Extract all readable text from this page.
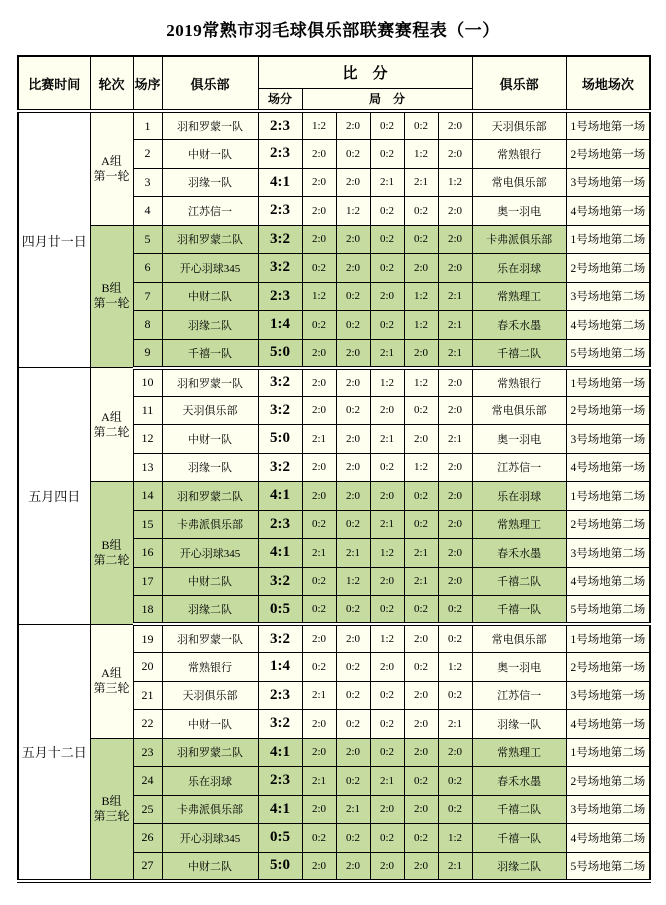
2019常熟市羽毛球俱乐部联赛赛程表（一）
比赛时间	轮次	场序	俱乐部	比　分						俱乐部	场地场次
				场分	局　分						
四月廿一日	A组
第一轮	1	羽和罗蒙一队	2:3	1:2	2:0	0:2	0:2	2:0	天羽俱乐部	1号场地第一场
		2	中财一队	2:3	2:0	0:2	0:2	1:2	2:0	常熟银行	2号场地第一场
		3	羽缘一队	4:1	2:0	2:0	2:1	2:1	1:2	常电俱乐部	3号场地第一场
		4	江苏信一	2:3	2:0	1:2	0:2	0:2	2:0	奥一羽电	4号场地第一场

	B组
第一轮	5	羽和罗蒙二队	3:2	2:0	2:0	0:2	0:2	2:0	卡弗派俱乐部	1号场地第二场
		6	开心羽球345	3:2	0:2	2:0	0:2	2:0	2:0	乐在羽球	2号场地第二场
		7	中财二队	2:3	1:2	0:2	2:0	1:2	2:1	常熟理工	3号场地第二场
		8	羽缘二队	1:4	0:2	0:2	0:2	1:2	2:1	春禾水墨	4号场地第二场
		9	千禧一队	5:0	2:0	2:0	2:1	2:0	2:1	千禧二队	5号场地第二场
五月四日	A组
第二轮	10	羽和罗蒙一队	3:2	2:0	2:0	1:2	1:2	2:0	常熟银行	1号场地第一场
		11	天羽俱乐部	3:2	2:0	0:2	2:0	0:2	2:0	常电俱乐部	2号场地第一场
		12	中财一队	5:0	2:1	2:0	2:1	2:0	2:1	奥一羽电	3号场地第一场
		13	羽缘一队	3:2	2:0	2:0	0:2	1:2	2:0	江苏信一	4号场地第一场

	B组
第二轮	14	羽和罗蒙二队	4:1	2:0	2:0	2:0	0:2	2:0	乐在羽球	1号场地第二场
		15	卡弗派俱乐部	2:3	0:2	0:2	2:1	0:2	2:0	常熟理工	2号场地第二场
		16	开心羽球345	4:1	2:1	2:1	1:2	2:1	2:0	春禾水墨	3号场地第二场
		17	中财二队	3:2	0:2	1:2	2:0	2:1	2:0	千禧二队	4号场地第二场
		18	羽缘二队	0:5	0:2	0:2	0:2	0:2	0:2	千禧一队	5号场地第二场
五月十二日	A组
第三轮	19	羽和罗蒙一队	3:2	2:0	2:0	1:2	2:0	0:2	常电俱乐部	1号场地第一场
		20	常熟银行	1:4	0:2	0:2	2:0	0:2	1:2	奥一羽电	2号场地第一场
		21	天羽俱乐部	2:3	2:1	0:2	0:2	2:0	0:2	江苏信一	3号场地第一场
		22	中财一队	3:2	2:0	0:2	0:2	2:0	2:1	羽缘一队	4号场地第一场

	B组
第三轮	23	羽和罗蒙二队	4:1	2:0	2:0	0:2	2:0	2:0	常熟理工	1号场地第二场
		24	乐在羽球	2:3	2:1	0:2	2:1	0:2	0:2	春禾水墨	2号场地第二场
		25	卡弗派俱乐部	4:1	2:0	2:1	2:0	2:0	0:2	千禧二队	3号场地第二场
		26	开心羽球345	0:5	0:2	0:2	0:2	0:2	1:2	千禧一队	4号场地第二场
		27	中财二队	5:0	2:0	2:0	2:0	2:0	2:1	羽缘二队	5号场地第二场
